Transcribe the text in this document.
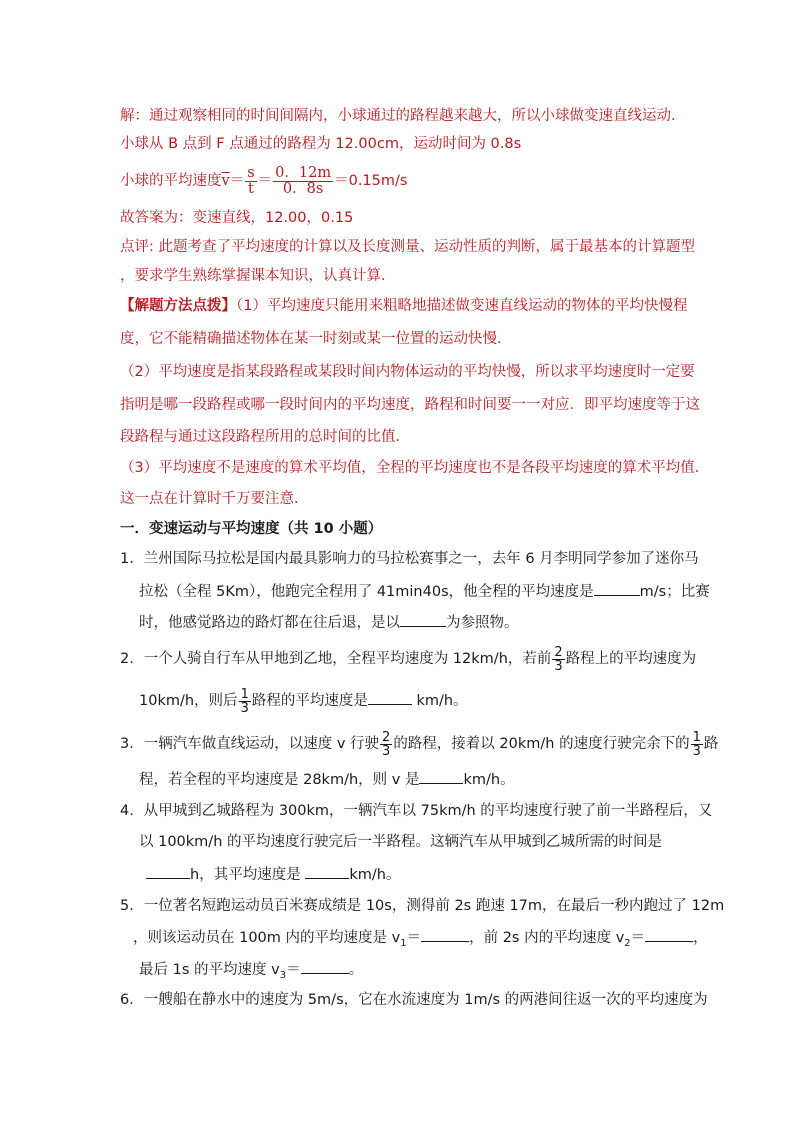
解：通过观察相同的时间间隔内，小球通过的路程越来越大，所以小球做变速直线运动．
小球从 B 点到 F 点通过的路程为 12.00cm，运动时间为 0.8s
小球的平均速度$\overline{v}= \frac{s}{t} = \frac{0.12m}{0.8s} =0.15m/s$
故答案为：变速直线，12.00，0.15
点评: 此题考查了平均速度的计算以及长度测量、运动性质的判断，属于最基本的计算题型
，要求学生熟练掌握课本知识，认真计算．
【解题方法点拨】（1）平均速度只能用来粗略地描述做变速直线运动的物体的平均快慢程
度，它不能精确描述物体在某一时刻或某一位置的运动快慢．
（2）平均速度是指某段路程或某段时间内物体运动的平均快慢，所以求平均速度时一定要
指明是哪一段路程或哪一段时间内的平均速度，路程和时间要一一对应．即平均速度等于这
段路程与通过这段路程所用的总时间的比值．
（3）平均速度不是速度的算术平均值，全程的平均速度也不是各段平均速度的算术平均值．
这一点在计算时千万要注意．
一．变速运动与平均速度（共 10 小题）
1．兰州国际马拉松是国内最具影响力的马拉松赛事之一，去年 6 月李明同学参加了迷你马
拉松（全程 5Km），他跑完全程用了 41min40s，他全程的平均速度是	m/s；比赛
时，他感觉路边的路灯都在往后退，是以	为参照物。
2．一个人骑自行车从甲地到乙地，全程平均速度为 12km/h，若前 $\frac{2}{3}$ 路程上的平均速度为
10km/h，则后 $\frac{1}{3}$ 路程的平均速度是	km/h。
3．一辆汽车做直线运动，以速度 v 行驶 $\frac{2}{3}$ 的路程，接着以 20km/h 的速度行驶完余下的 $\frac{1}{3}$ 路
程，若全程的平均速度是 28km/h，则 v 是	km/h。
4．从甲城到乙城路程为 300km，一辆汽车以 75km/h 的平均速度行驶了前一半路程后，又
以 100km/h 的平均速度行驶完后一半路程。这辆汽车从甲城到乙城所需的时间是
h，其平均速度是	km/h。
5．一位著名短跑运动员百米赛成绩是 10s，测得前 2s 跑速 17m，在最后一秒内跑过了 12m
，则该运动员在 100m 内的平均速度是 $v_1=$	，前 2s 内的平均速度 $v_2=$	，
最后 1s 的平均速度 $v_3=$	。
6．一艘船在静水中的速度为 5m/s，它在水流速度为 1m/s 的两港间往返一次的平均速度为
